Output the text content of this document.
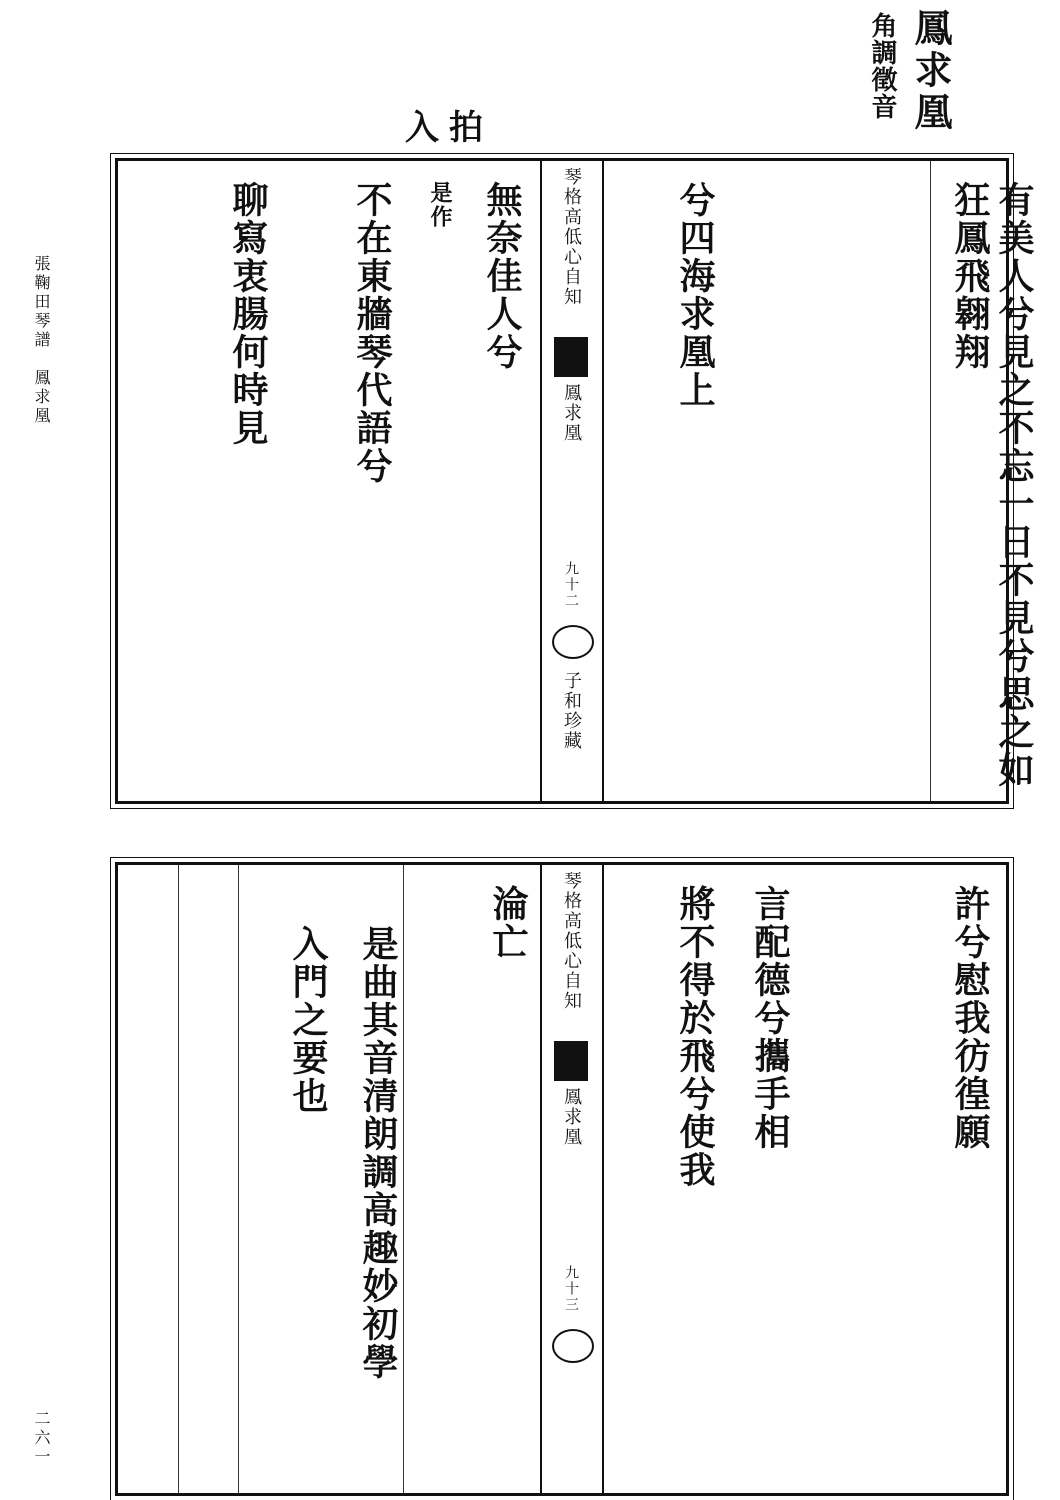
張鞠田琴譜　鳳求凰
二六一
鳳求凰
角調徵音
入拍
有美人兮見之不忘一日不見兮思之如狂鳳飛翱翔
兮四海求凰上
琴格高低心自知
鳳求凰
九十二
子和珍藏
無奈佳人兮
是作
不在東牆琴代語兮
聊寫衷腸何時見
許兮慰我彷徨願
言配德兮攜手相
將不得於飛兮使我
淪亡 琴格高低心自知
鳳求凰
九十三
是曲其音清朗調高趣妙初學
入門之要也
